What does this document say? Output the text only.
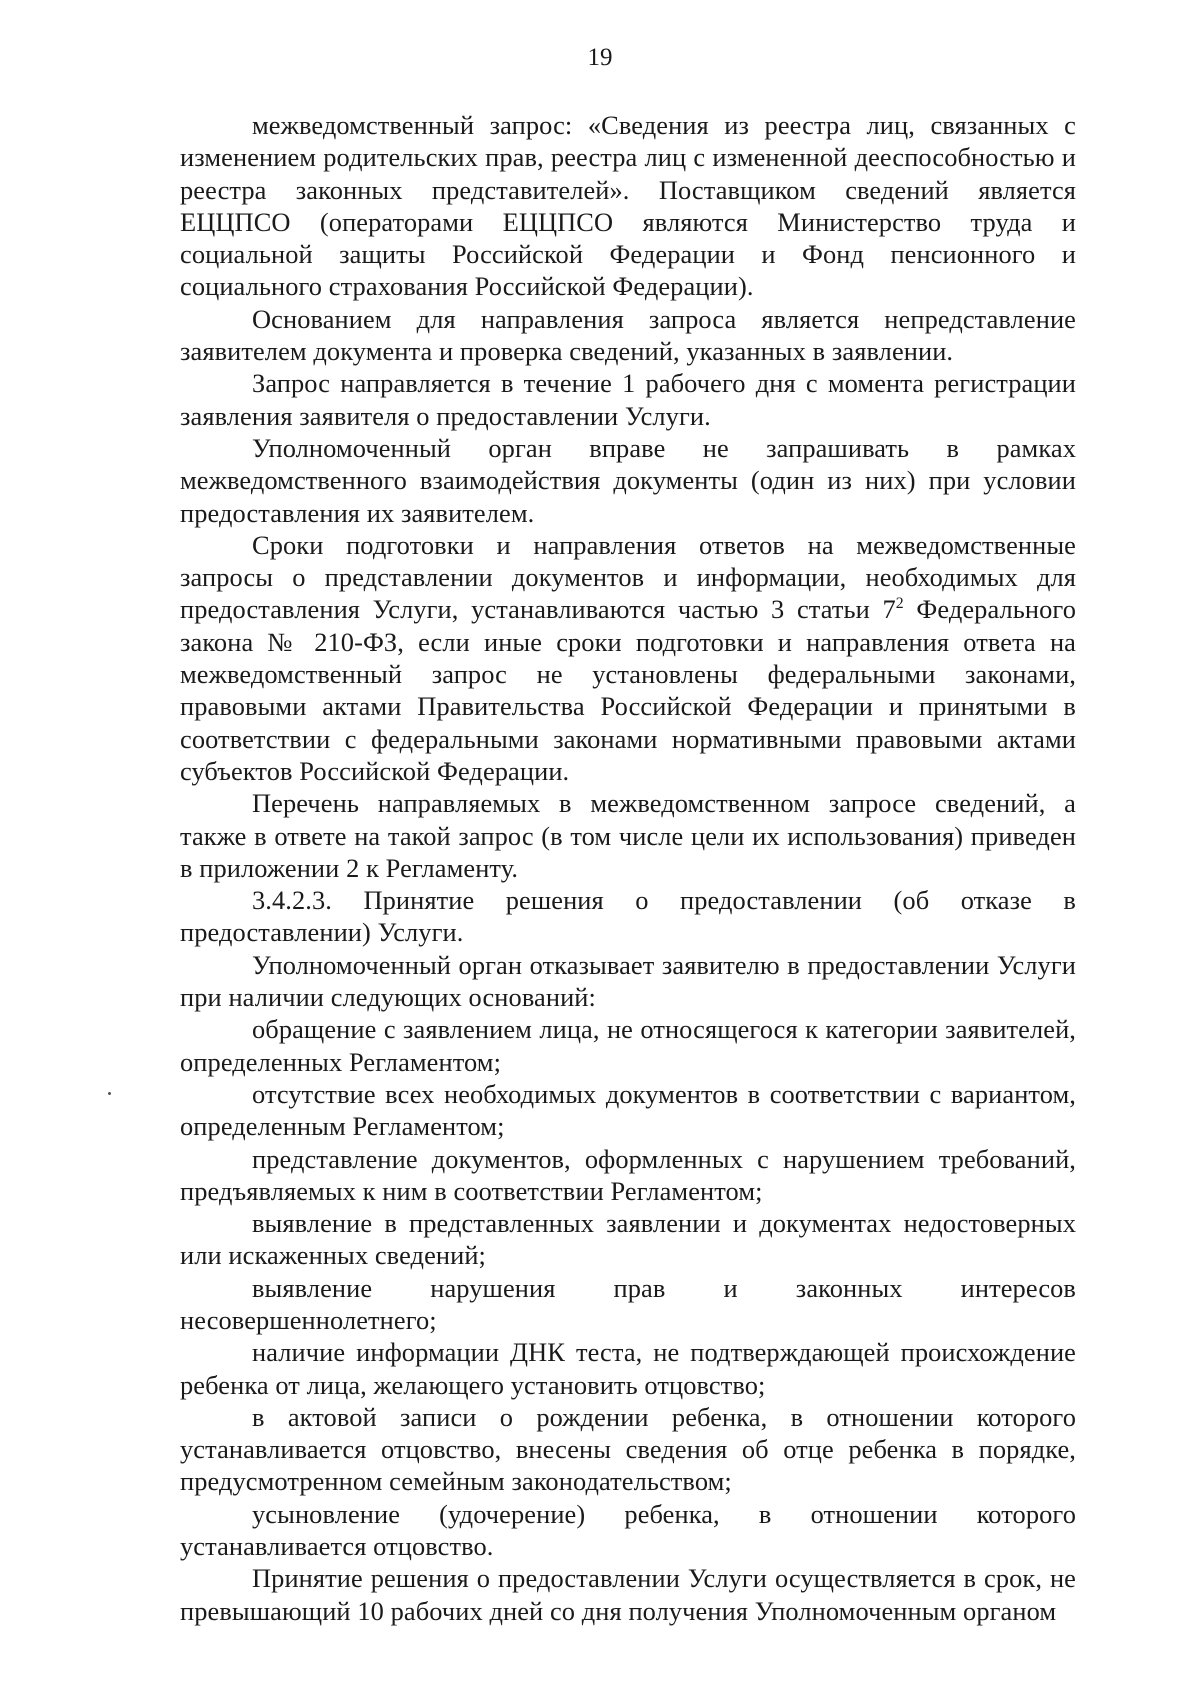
19

межведомственный запрос: «Сведения из реестра лиц, связанных с изменением родительских прав, реестра лиц с измененной дееспособностью и реестра законных представителей». Поставщиком сведений является ЕЦЦПСО (операторами ЕЦЦПСО являются Министерство труда и социальной защиты Российской Федерации и Фонд пенсионного и социального страхования Российской Федерации).

Основанием для направления запроса является непредставление заявителем документа и проверка сведений, указанных в заявлении.

Запрос направляется в течение 1 рабочего дня с момента регистрации заявления заявителя о предоставлении Услуги.

Уполномоченный орган вправе не запрашивать в рамках межведомственного взаимодействия документы (один из них) при условии предоставления их заявителем.

Сроки подготовки и направления ответов на межведомственные запросы о представлении документов и информации, необходимых для предоставления Услуги, устанавливаются частью 3 статьи $7^2$ Федерального закона № 210-ФЗ, если иные сроки подготовки и направления ответа на межведомственный запрос не установлены федеральными законами, правовыми актами Правительства Российской Федерации и принятыми в соответствии с федеральными законами нормативными правовыми актами субъектов Российской Федерации.

Перечень направляемых в межведомственном запросе сведений, а также в ответе на такой запрос (в том числе цели их использования) приведен в приложении 2 к Регламенту.

3.4.2.3. Принятие решения о предоставлении (об отказе в предоставлении) Услуги.

Уполномоченный орган отказывает заявителю в предоставлении Услуги при наличии следующих оснований:

обращение с заявлением лица, не относящегося к категории заявителей, определенных Регламентом;

отсутствие всех необходимых документов в соответствии с вариантом, определенным Регламентом;

представление документов, оформленных с нарушением требований, предъявляемых к ним в соответствии Регламентом;

выявление в представленных заявлении и документах недостоверных или искаженных сведений;

выявление нарушения прав и законных интересов несовершеннолетнего;

наличие информации ДНК теста, не подтверждающей происхождение ребенка от лица, желающего установить отцовство;

в актовой записи о рождении ребенка, в отношении которого устанавливается отцовство, внесены сведения об отце ребенка в порядке, предусмотренном семейным законодательством;

усыновление (удочерение) ребенка, в отношении которого устанавливается отцовство.

Принятие решения о предоставлении Услуги осуществляется в срок, не превышающий 10 рабочих дней со дня получения Уполномоченным органом
